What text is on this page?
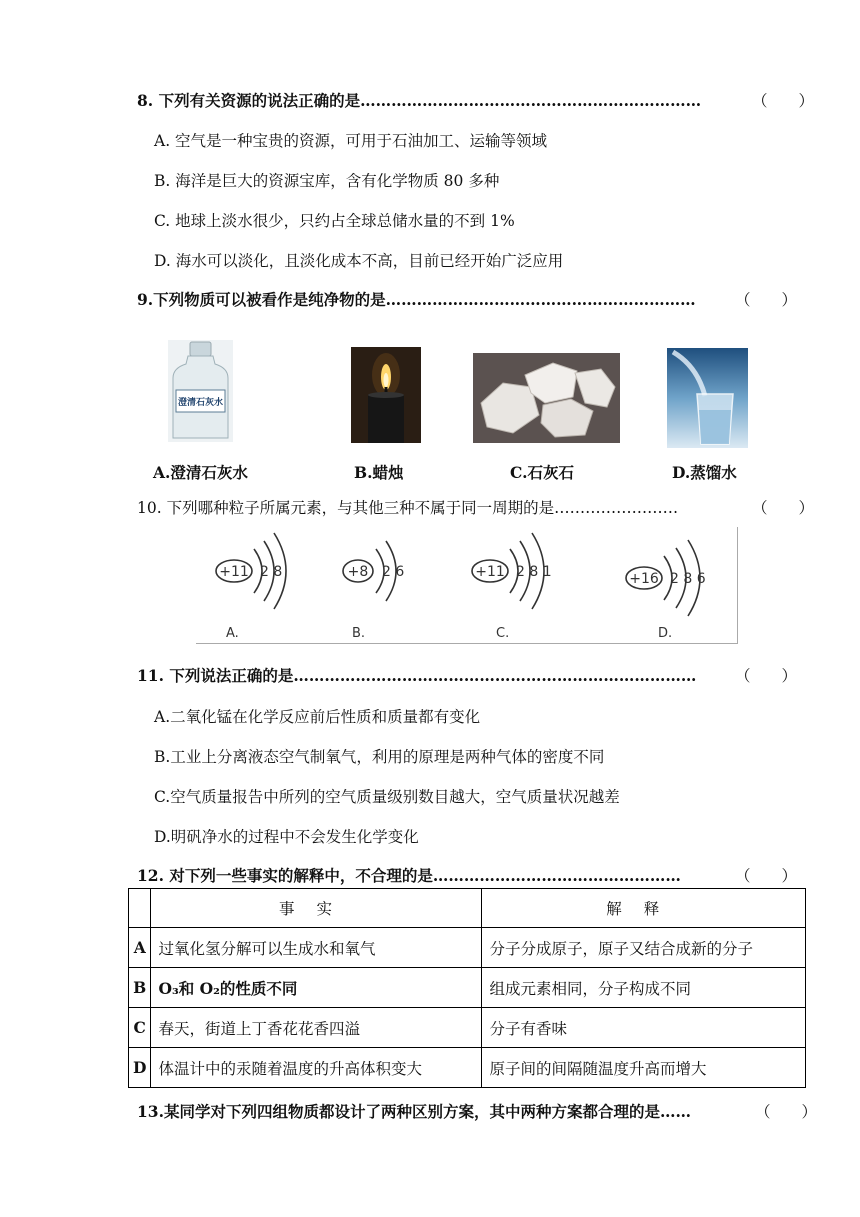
8. 下列有关资源的说法正确的是…………………………………………………………	（　　）
A. 空气是一种宝贵的资源，可用于石油加工、运输等领域
B. 海洋是巨大的资源宝库，含有化学物质 80 多种
C. 地球上淡水很少，只约占全球总储水量的不到 1%
D. 海水可以淡化，且淡化成本不高，目前已经开始广泛应用
9.下列物质可以被看作是纯净物的是……………………………………………………	（　　）
澄清石灰水
A.澄清石灰水	B.蜡烛	C.石灰石	D.蒸馏水
10. 下列哪种粒子所属元素，与其他三种不属于同一周期的是……………………	（　　）
+11 2 8
A.
+8 2 6
B.
+11 2 8 1
C.
+16 2 8 6
D.
11. 下列说法正确的是…………………………………………………………………… （　　）
A.二氧化锰在化学反应前后性质和质量都有变化
B.工业上分离液态空气制氧气，利用的原理是两种气体的密度不同
C.空气质量报告中所列的空气质量级别数目越大，空气质量状况越差
D.明矾净水的过程中不会发生化学变化
12. 对下列一些事实的解释中，不合理的是…………………………………………	（　　）
	事实	解释
A	过氧化氢分解可以生成水和氧气	分子分成原子，原子又结合成新的分子
B	O₃和 O₂的性质不同	组成元素相同，分子构成不同
C	春天，街道上丁香花花香四溢	分子有香味
D	体温计中的汞随着温度的升高体积变大	原子间的间隔随温度升高而增大
13.某同学对下列四组物质都设计了两种区别方案，其中两种方案都合理的是……	（　　）
